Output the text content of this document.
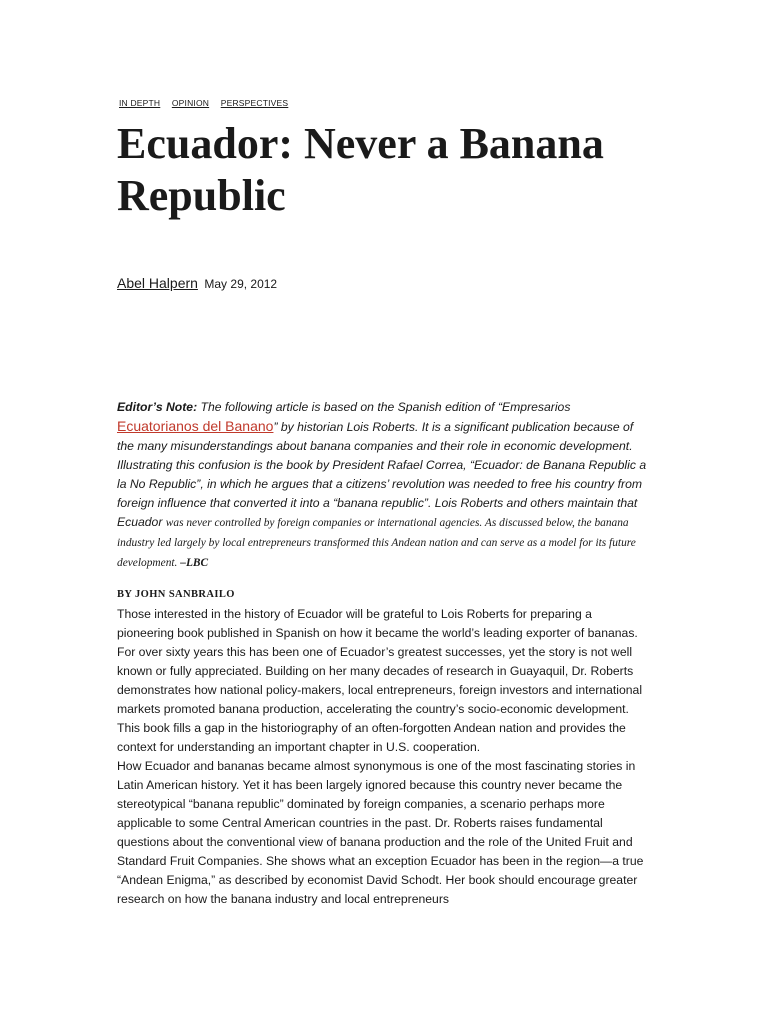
IN DEPTH OPINION PERSPECTIVES
Ecuador: Never a Banana Republic
Abel Halpern May 29, 2012

Editor’s Note: The following article is based on the Spanish edition of “Empresarios Ecuatorianos del Banano” by historian Lois Roberts. It is a significant publication because of the many misunderstandings about banana companies and their role in economic development. Illustrating this confusion is the book by President Rafael Correa, “Ecuador: de Banana Republic a la No Republic”, in which he argues that a citizens’ revolution was needed to free his country from foreign influence that converted it into a “banana republic”. Lois Roberts and others maintain that Ecuador was never controlled by foreign companies or international agencies. As discussed below, the banana industry led largely by local entrepreneurs transformed this Andean nation and can serve as a model for its future development. –LBC

BY JOHN SANBRAILO

Those interested in the history of Ecuador will be grateful to Lois Roberts for preparing a pioneering book published in Spanish on how it became the world’s leading exporter of bananas. For over sixty years this has been one of Ecuador’s greatest successes, yet the story is not well known or fully appreciated. Building on her many decades of research in Guayaquil, Dr. Roberts demonstrates how national policy-makers, local entrepreneurs, foreign investors and international markets promoted banana production, accelerating the country’s socio-economic development. This book fills a gap in the historiography of an often-forgotten Andean nation and provides the context for understanding an important chapter in U.S. cooperation.

How Ecuador and bananas became almost synonymous is one of the most fascinating stories in Latin American history. Yet it has been largely ignored because this country never became the stereotypical “banana republic” dominated by foreign companies, a scenario perhaps more applicable to some Central American countries in the past. Dr. Roberts raises fundamental questions about the conventional view of banana production and the role of the United Fruit and Standard Fruit Companies. She shows what an exception Ecuador has been in the region—a true “Andean Enigma,” as described by economist David Schodt. Her book should encourage greater research on how the banana industry and local entrepreneurs
